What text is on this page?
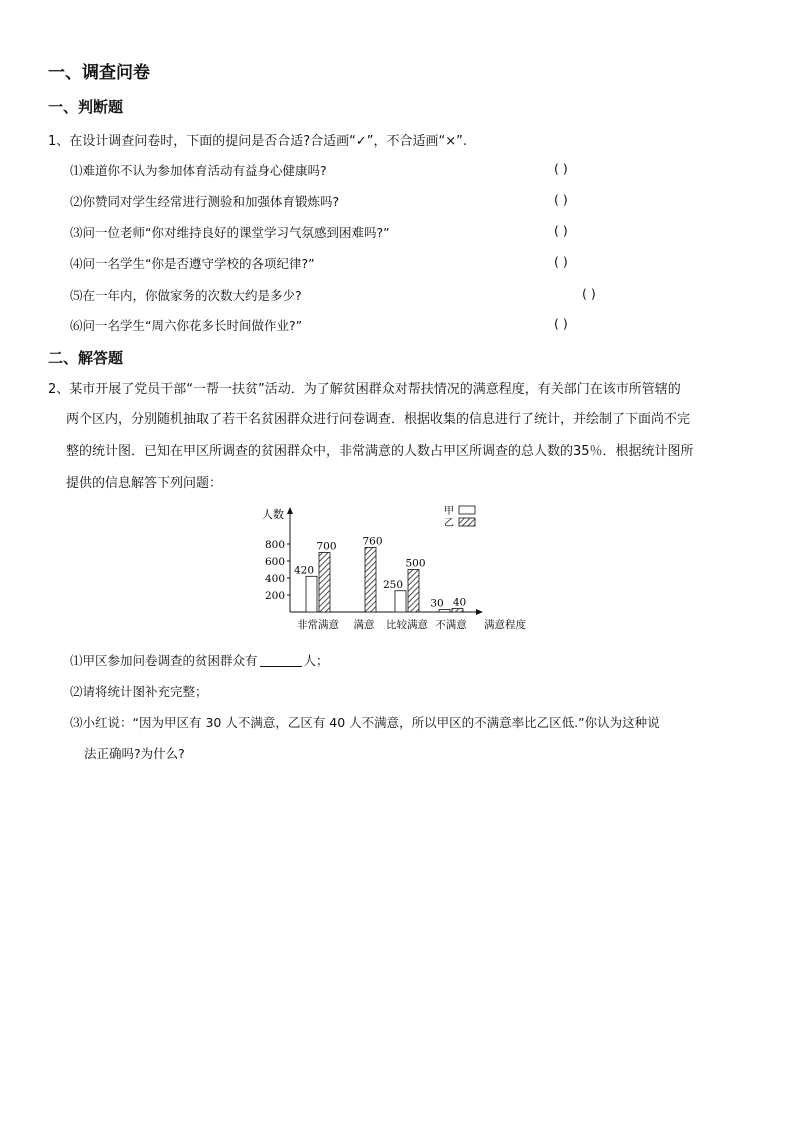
一、调查问卷
一、判断题
1、在设计调查问卷时，下面的提问是否合适?合适画“✓”，不合适画“×”.
⑴难道你不认为参加体育活动有益身心健康吗?	( )
⑵你赞同对学生经常进行测验和加强体育锻炼吗?	( )
⑶问一位老师“你对维持良好的课堂学习气氛感到困难吗?”	( )
⑷问一名学生“你是否遵守学校的各项纪律?”	( )
⑸在一年内，你做家务的次数大约是多少?	( )
⑹问一名学生“周六你花多长时间做作业?”	( )
二、解答题
2、某市开展了党员干部“一帮一扶贫”活动．为了解贫困群众对帮扶情况的满意程度，有关部门在该市所管辖的
两个区内，分别随机抽取了若干名贫困群众进行问卷调查．根据收集的信息进行了统计，并绘制了下面尚不完
整的统计图．已知在甲区所调查的贫困群众中，非常满意的人数占甲区所调查的总人数的35％．根据统计图所
提供的信息解答下列问题：
人数
满意程度
200
400
600
800
非常满意
420
700
满意
760
比较满意
250
500
不满意
30 40
甲
乙
⑴甲区参加问卷调查的贫困群众有	人；
⑵请将统计图补充完整；
⑶小红说：“因为甲区有 30 人不满意，乙区有 40 人不满意，所以甲区的不满意率比乙区低.”你认为这种说
法正确吗?为什么?
